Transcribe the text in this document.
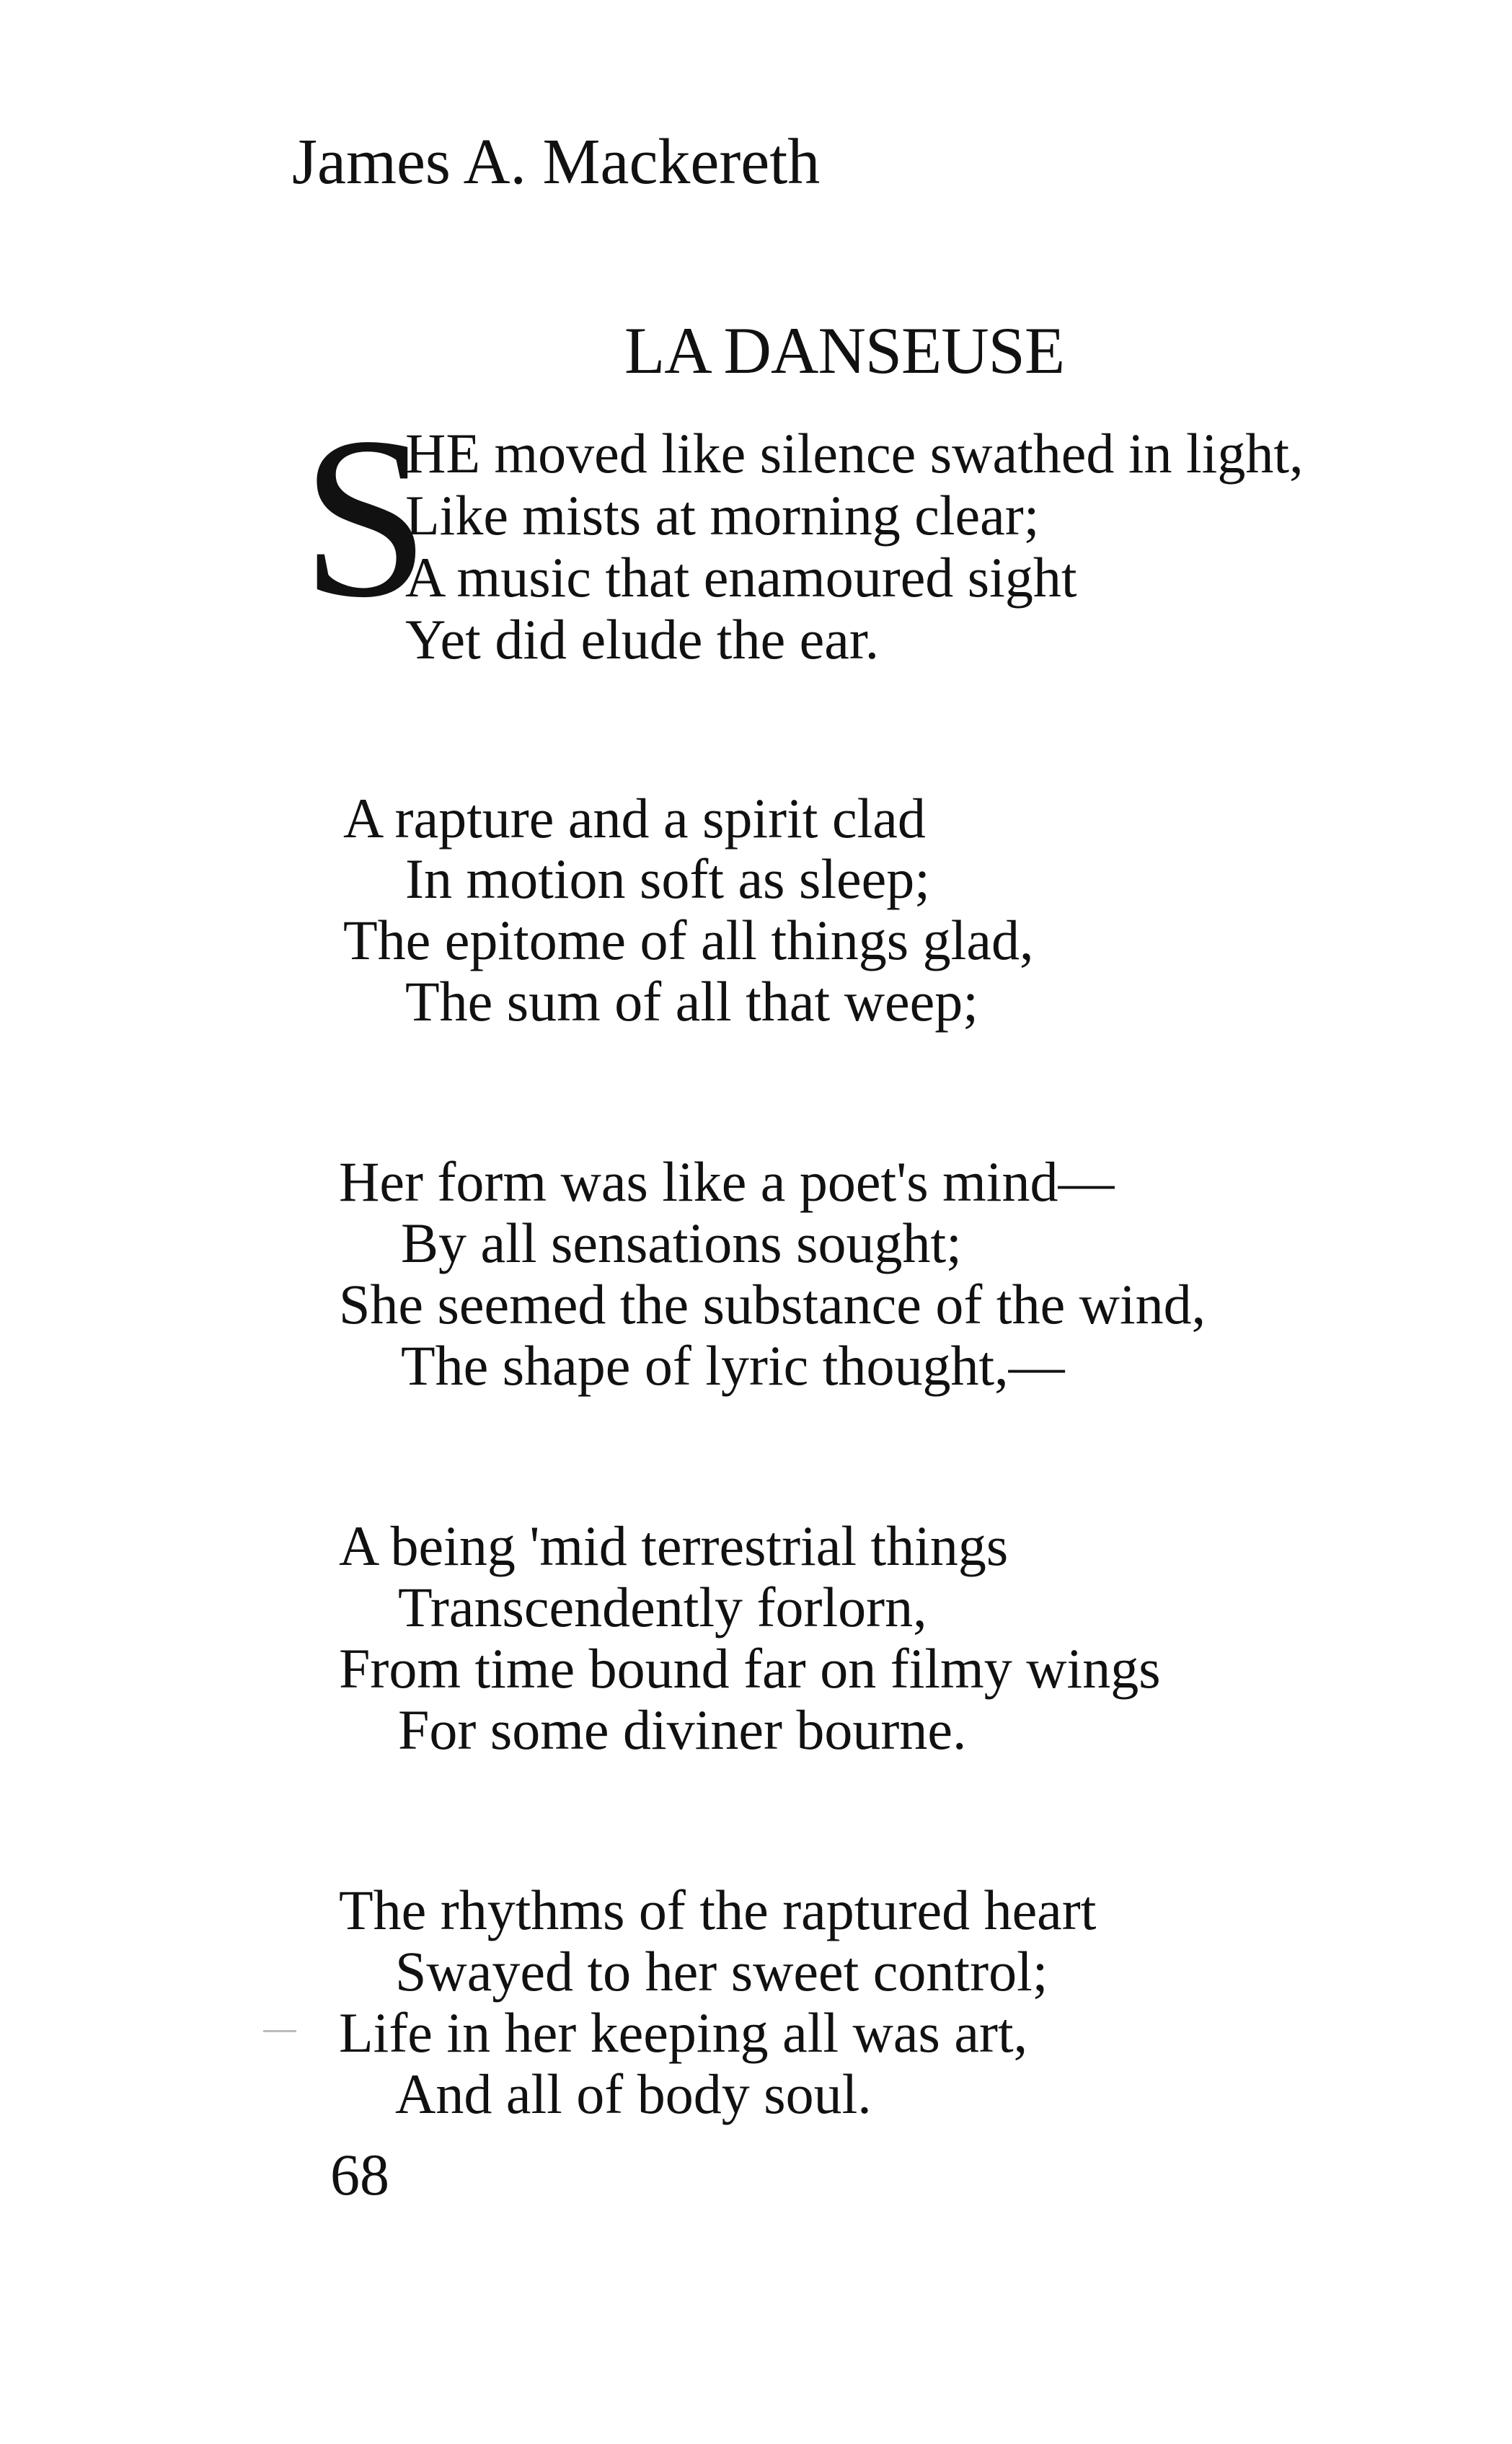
James A. Mackereth
LA DANSEUSE
S
HE moved like silence swathed in light,
Like mists at morning clear;
A music that enamoured sight
Yet did elude the ear.
A rapture and a spirit clad
In motion soft as sleep;
The epitome of all things glad,
The sum of all that weep;
Her form was like a poet's mind—
By all sensations sought;
She seemed the substance of the wind,
The shape of lyric thought,—
A being 'mid terrestrial things
Transcendently forlorn,
From time bound far on filmy wings
For some diviner bourne.
The rhythms of the raptured heart
Swayed to her sweet control;
Life in her keeping all was art,
And all of body soul.
68
